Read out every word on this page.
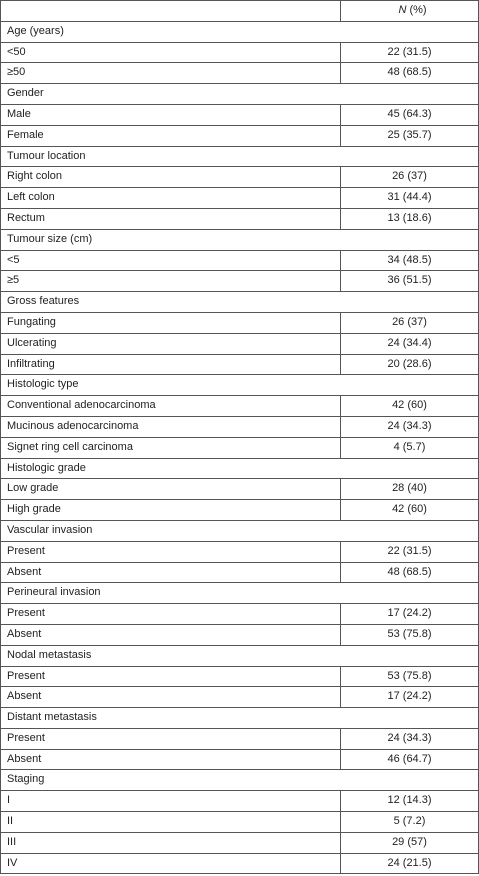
	N (%)
Age (years)	
<50	22 (31.5)
≥50	48 (68.5)
Gender	
Male	45 (64.3)
Female	25 (35.7)
Tumour location	
Right colon	26 (37)
Left colon	31 (44.4)
Rectum	13 (18.6)
Tumour size (cm)	
<5	34 (48.5)
≥5	36 (51.5)
Gross features	
Fungating	26 (37)
Ulcerating	24 (34.4)
Infiltrating	20 (28.6)
Histologic type	
Conventional adenocarcinoma	42 (60)
Mucinous adenocarcinoma	24 (34.3)
Signet ring cell carcinoma	4 (5.7)
Histologic grade	
Low grade	28 (40)
High grade	42 (60)
Vascular invasion	
Present	22 (31.5)
Absent	48 (68.5)
Perineural invasion	
Present	17 (24.2)
Absent	53 (75.8)
Nodal metastasis	
Present	53 (75.8)
Absent	17 (24.2)
Distant metastasis	
Present	24 (34.3)
Absent	46 (64.7)
Staging	
I	12 (14.3)
II	5 (7.2)
III	29 (57)
IV	24 (21.5)
